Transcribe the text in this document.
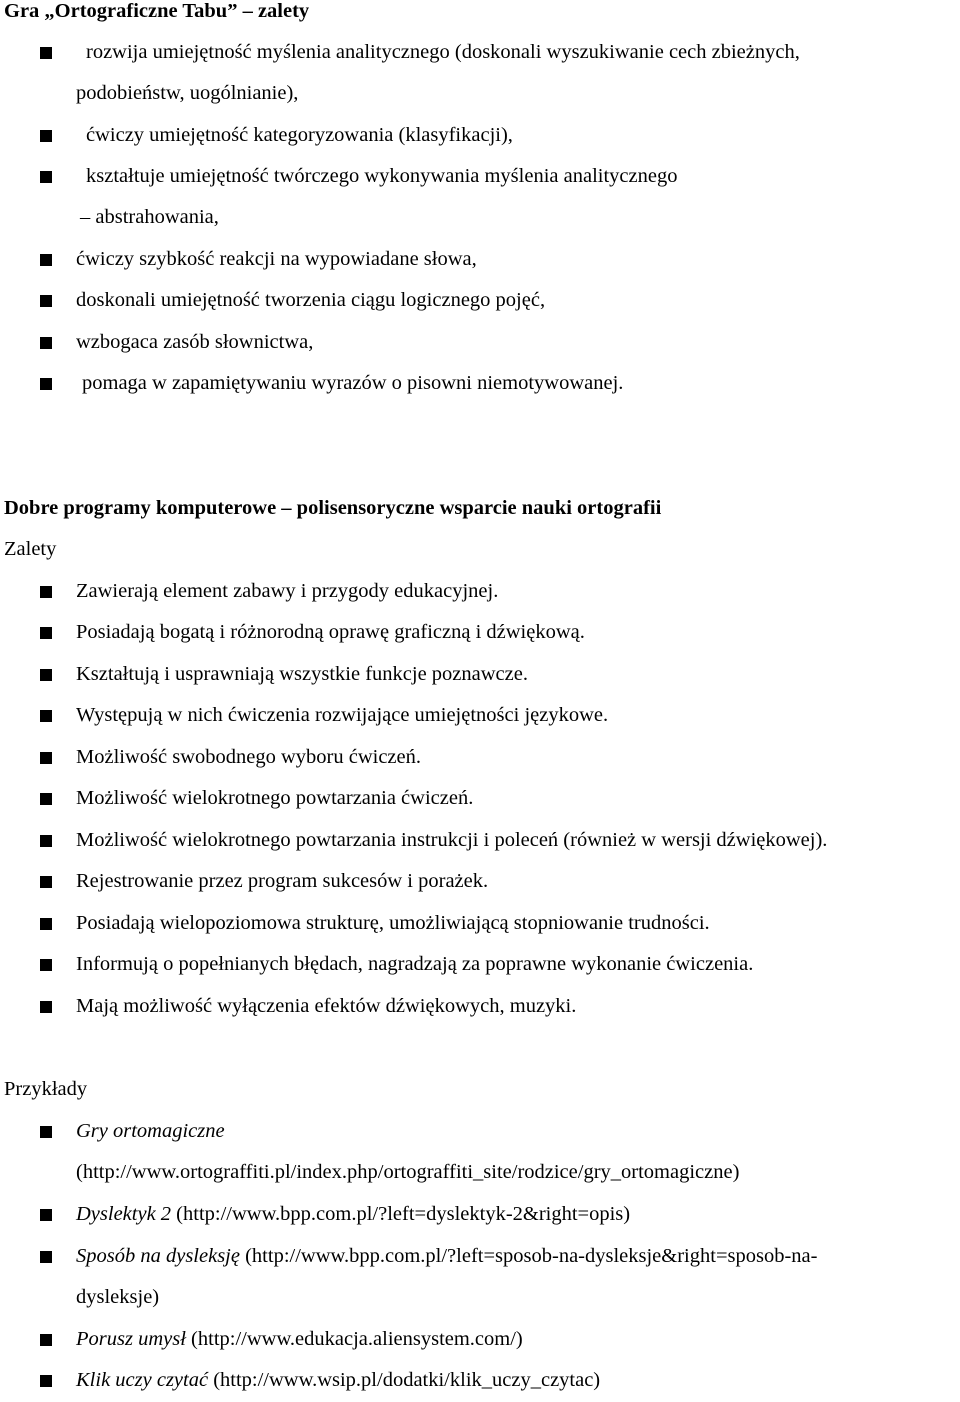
Gra „Ortograficzne Tabu” – zalety
rozwija umiejętność myślenia analitycznego (doskonali wyszukiwanie cech zbieżnych,
podobieństw, uogólnianie),
ćwiczy umiejętność kategoryzowania (klasyfikacji),
kształtuje umiejętność twórczego wykonywania myślenia analitycznego
– abstrahowania,
ćwiczy szybkość reakcji na wypowiadane słowa,
doskonali umiejętność tworzenia ciągu logicznego pojęć,
wzbogaca zasób słownictwa,
pomaga w zapamiętywaniu wyrazów o pisowni niemotywowanej.
Dobre programy komputerowe – polisensoryczne wsparcie nauki ortografii
Zalety
Zawierają element zabawy i przygody edukacyjnej.
Posiadają bogatą i różnorodną oprawę graficzną i dźwiękową.
Kształtują i usprawniają wszystkie funkcje poznawcze.
Występują w nich ćwiczenia rozwijające umiejętności językowe.
Możliwość swobodnego wyboru ćwiczeń.
Możliwość wielokrotnego powtarzania ćwiczeń.
Możliwość wielokrotnego powtarzania instrukcji i poleceń (również w wersji dźwiękowej).
Rejestrowanie przez program sukcesów i porażek.
Posiadają wielopoziomowa strukturę, umożliwiającą stopniowanie trudności.
Informują o popełnianych błędach, nagradzają za poprawne wykonanie ćwiczenia.
Mają możliwość wyłączenia efektów dźwiękowych, muzyki.
Przykłady
Gry ortomagiczne
(http://www.ortograffiti.pl/index.php/ortograffiti_site/rodzice/gry_ortomagiczne)
Dyslektyk 2 (http://www.bpp.com.pl/?left=dyslektyk-2&right=opis)
Sposób na dysleksję (http://www.bpp.com.pl/?left=sposob-na-dysleksje&right=sposob-na-
dysleksje)
Porusz umysł (http://www.edukacja.aliensystem.com/)
Klik uczy czytać (http://www.wsip.pl/dodatki/klik_uczy_czytac)
